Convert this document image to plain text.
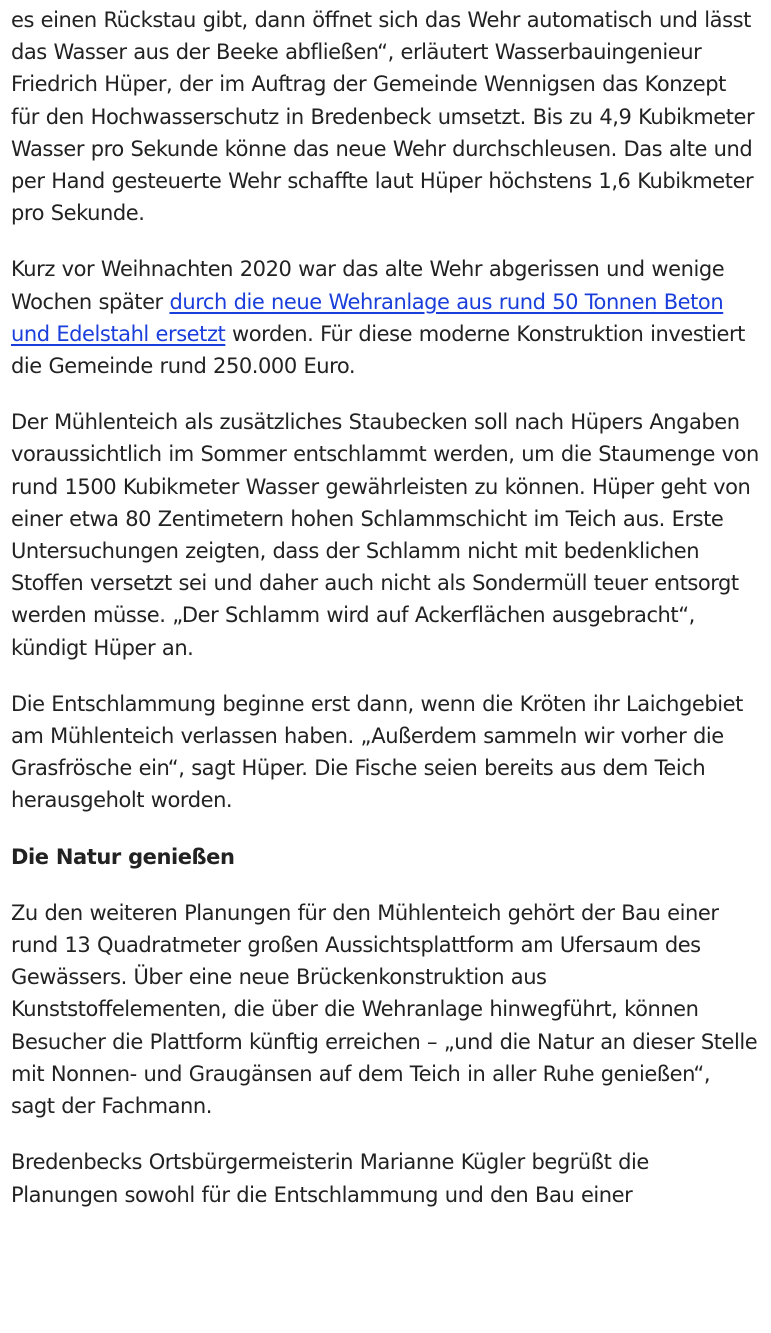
es einen Rückstau gibt, dann öffnet sich das Wehr automatisch und lässt das Wasser aus der Beeke abfließen“, erläutert Wasserbauingenieur Friedrich Hüper, der im Auftrag der Gemeinde Wennigsen das Konzept für den Hochwasserschutz in Bredenbeck umsetzt. Bis zu 4,9 Kubikmeter Wasser pro Sekunde könne das neue Wehr durchschleusen. Das alte und per Hand gesteuerte Wehr schaffte laut Hüper höchstens 1,6 Kubikmeter pro Sekunde.

Kurz vor Weihnachten 2020 war das alte Wehr abgerissen und wenige Wochen später durch die neue Wehranlage aus rund 50 Tonnen Beton und Edelstahl ersetzt worden. Für diese moderne Konstruktion investiert die Gemeinde rund 250.000 Euro.

Der Mühlenteich als zusätzliches Staubecken soll nach Hüpers Angaben voraussichtlich im Sommer entschlammt werden, um die Staumenge von rund 1500 Kubikmeter Wasser gewährleisten zu können. Hüper geht von einer etwa 80 Zentimetern hohen Schlammschicht im Teich aus. Erste Untersuchungen zeigten, dass der Schlamm nicht mit bedenklichen Stoffen versetzt sei und daher auch nicht als Sondermüll teuer entsorgt werden müsse. „Der Schlamm wird auf Ackerflächen ausgebracht“, kündigt Hüper an.

Die Entschlammung beginne erst dann, wenn die Kröten ihr Laichgebiet am Mühlenteich verlassen haben. „Außerdem sammeln wir vorher die Grasfrösche ein“, sagt Hüper. Die Fische seien bereits aus dem Teich herausgeholt worden.

Die Natur genießen

Zu den weiteren Planungen für den Mühlenteich gehört der Bau einer rund 13 Quadratmeter großen Aussichtsplattform am Ufersaum des Gewässers. Über eine neue Brückenkonstruktion aus Kunststoffelementen, die über die Wehranlage hinwegführt, können Besucher die Plattform künftig erreichen – „und die Natur an dieser Stelle mit Nonnen- und Graugänsen auf dem Teich in aller Ruhe genießen“, sagt der Fachmann.

Bredenbecks Ortsbürgermeisterin Marianne Kügler begrüßt die Planungen sowohl für die Entschlammung und den Bau einer
